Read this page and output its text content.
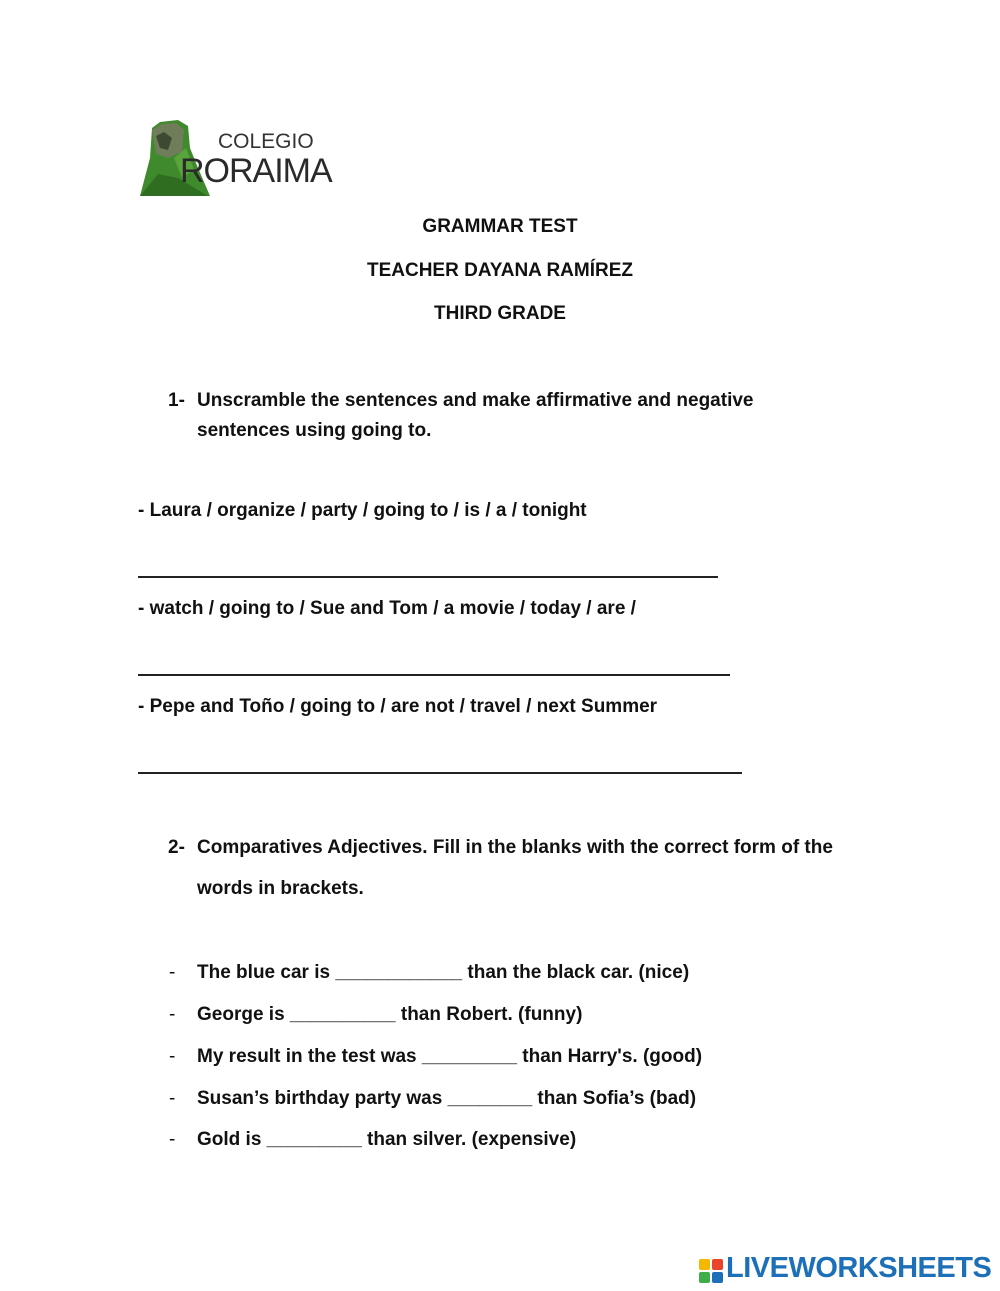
COLEGIO
RORAIMA
GRAMMAR TEST
TEACHER DAYANA RAMÍREZ
THIRD GRADE
1- Unscramble the sentences and make affirmative and negative
sentences using going to.
- Laura / organize / party / going to / is / a / tonight
- watch / going to / Sue and Tom / a movie / today / are /
- Pepe and Toño / going to / are not / travel / next Summer
2- Comparatives Adjectives. Fill in the blanks with the correct form of the
words in brackets.
- The blue car is ____________ than the black car. (nice)
- George is __________ than Robert. (funny)
- My result in the test was _________ than Harry's. (good)
- Susan’s birthday party was ________ than Sofia’s (bad)
- Gold is _________ than silver. (expensive)
LIVEWORKSHEETS
